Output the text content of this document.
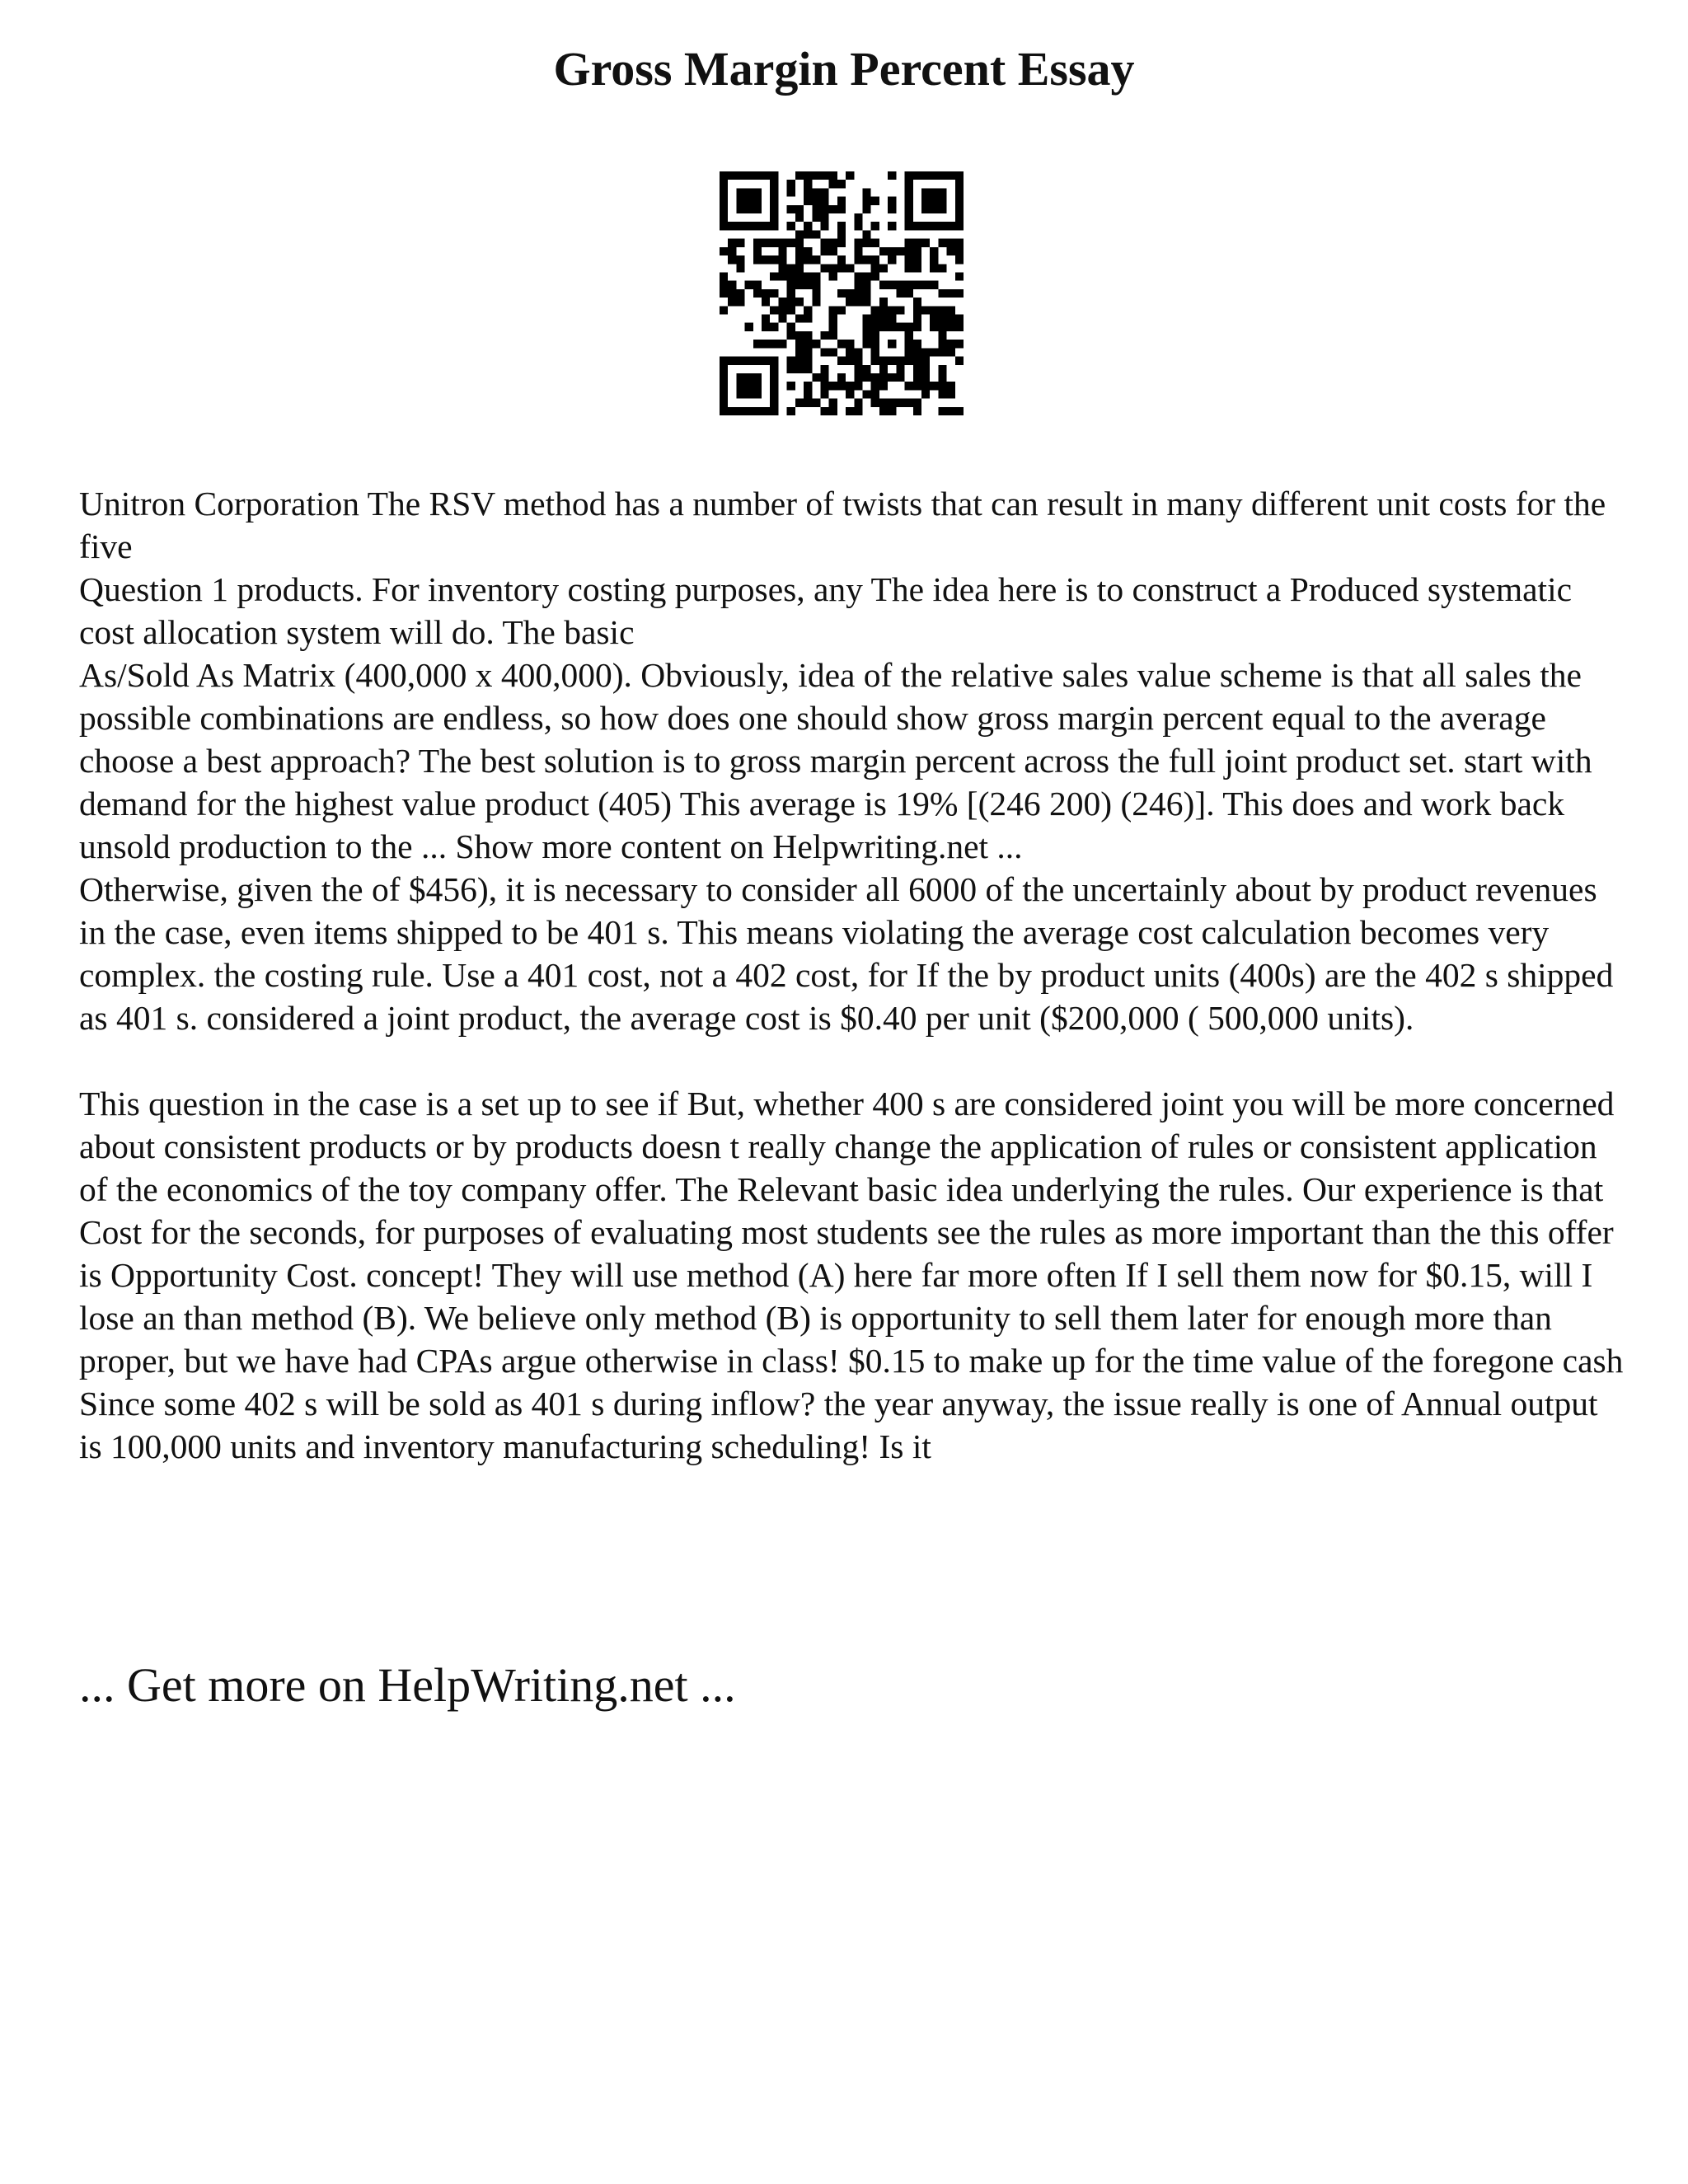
Gross Margin Percent Essay

Unitron Corporation The RSV method has a number of twists that can result in many different unit costs for the five

Question 1 products. For inventory costing purposes, any The idea here is to construct a Produced systematic cost allocation system will do. The basic

As/Sold As Matrix (400,000 x 400,000). Obviously, idea of the relative sales value scheme is that all sales the possible combinations are endless, so how does one should show gross margin percent equal to the average choose a best approach? The best solution is to gross margin percent across the full joint product set. start with demand for the highest value product (405) This average is 19% [(246 200) (246)]. This does and work back unsold production to the ... Show more content on Helpwriting.net ...

Otherwise, given the of $456), it is necessary to consider all 6000 of the uncertainly about by product revenues in the case, even items shipped to be 401 s. This means violating the average cost calculation becomes very complex. the costing rule. Use a 401 cost, not a 402 cost, for If the by product units (400s) are the 402 s shipped as 401 s. considered a joint product, the average cost is $0.40 per unit ($200,000 ( 500,000 units).

This question in the case is a set up to see if But, whether 400 s are considered joint you will be more concerned about consistent products or by products doesn t really change the application of rules or consistent application of the economics of the toy company offer. The Relevant basic idea underlying the rules. Our experience is that Cost for the seconds, for purposes of evaluating most students see the rules as more important than the this offer is Opportunity Cost. concept! They will use method (A) here far more often If I sell them now for $0.15, will I lose an than method (B). We believe only method (B) is opportunity to sell them later for enough more than proper, but we have had CPAs argue otherwise in class! $0.15 to make up for the time value of the foregone cash Since some 402 s will be sold as 401 s during inflow? the year anyway, the issue really is one of Annual output is 100,000 units and inventory manufacturing scheduling! Is it

... Get more on HelpWriting.net ...
